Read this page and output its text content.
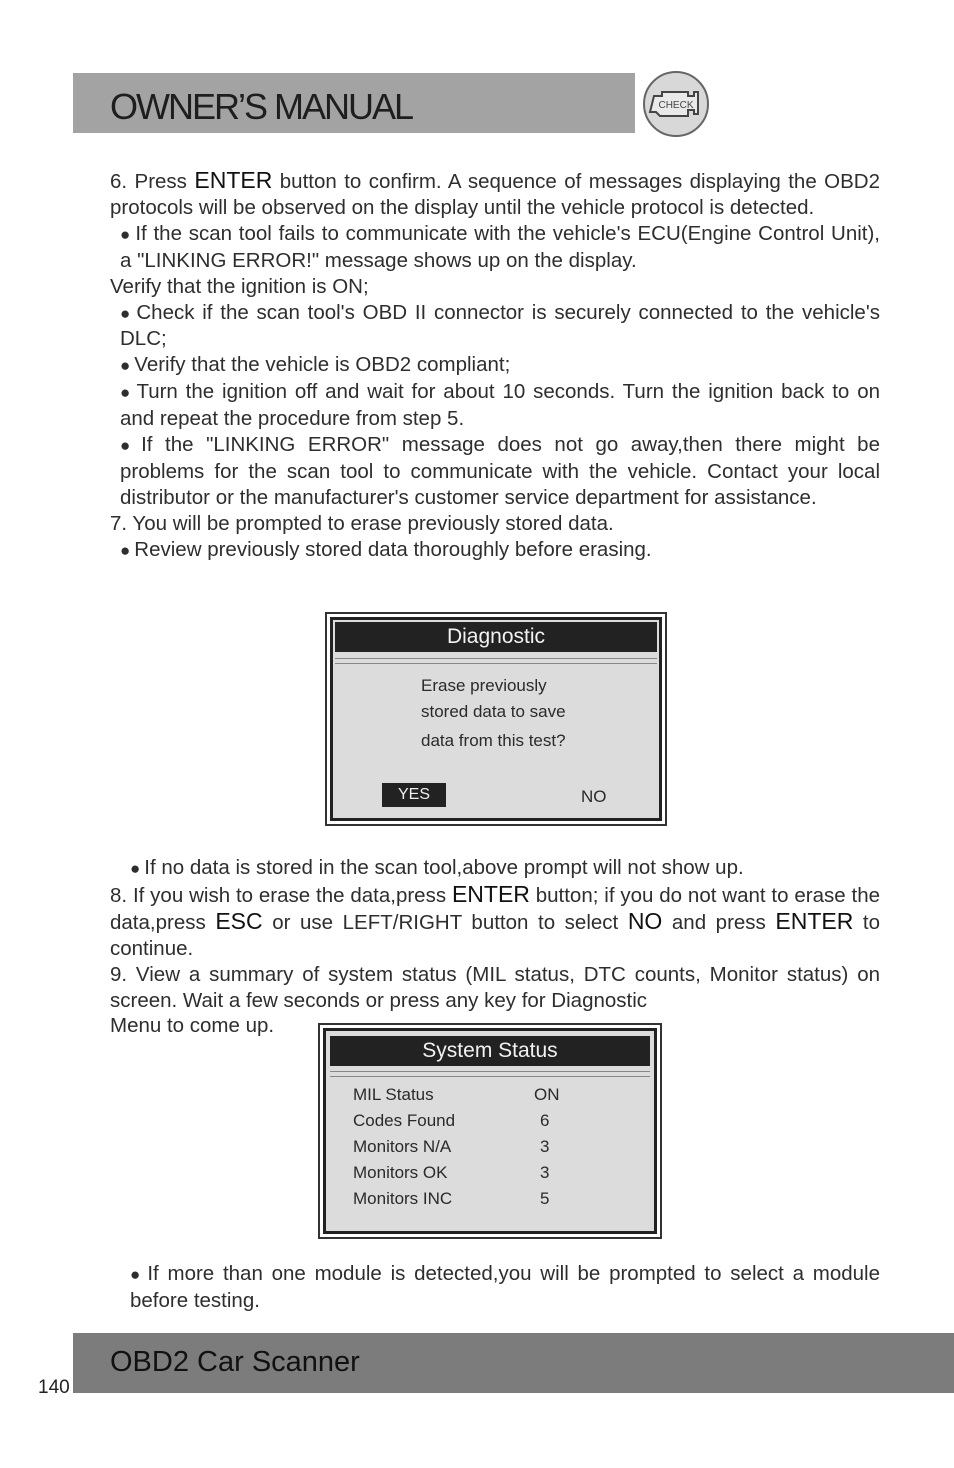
OWNER’S MANUAL	CHECK

6. Press ENTER button to confirm. A sequence of messages displaying the OBD2 protocols will be observed on the display until the vehicle protocol is detected.

● If the scan tool fails to communicate with the vehicle's ECU(Engine Control Unit), a "LINKING ERROR!" message shows up on the display.

Verify that the ignition is ON;

● Check if the scan tool's OBD II connector is securely connected to the vehicle's DLC;

● Verify that the vehicle is OBD2 compliant;

● Turn the ignition off and wait for about 10 seconds. Turn the ignition back to on and repeat the procedure from step 5.

● If the "LINKING ERROR" message does not go away,then there might be problems for the scan tool to communicate with the vehicle. Contact your local distributor or the manufacturer's customer service department for assistance.

7. You will be prompted to erase previously stored data.

● Review previously stored data thoroughly before erasing.

Diagnostic
Erase previously
stored data to save
data from this test?
YES	NO

● If no data is stored in the scan tool,above prompt will not show up.

8. If you wish to erase the data,press ENTER button; if you do not want to erase the data,press ESC or use LEFT/RIGHT button to select NO and press ENTER to continue.

9. View a summary of system status (MIL status, DTC counts, Monitor status) on screen. Wait a few seconds or press any key for Diagnostic

Menu to come up.

System Status
MIL Status	ON
Codes Found	6
Monitors N/A	3
Monitors OK	3
Monitors INC	5

● If more than one module is detected,you will be prompted to select a module before testing.

OBD2 Car Scanner
140
